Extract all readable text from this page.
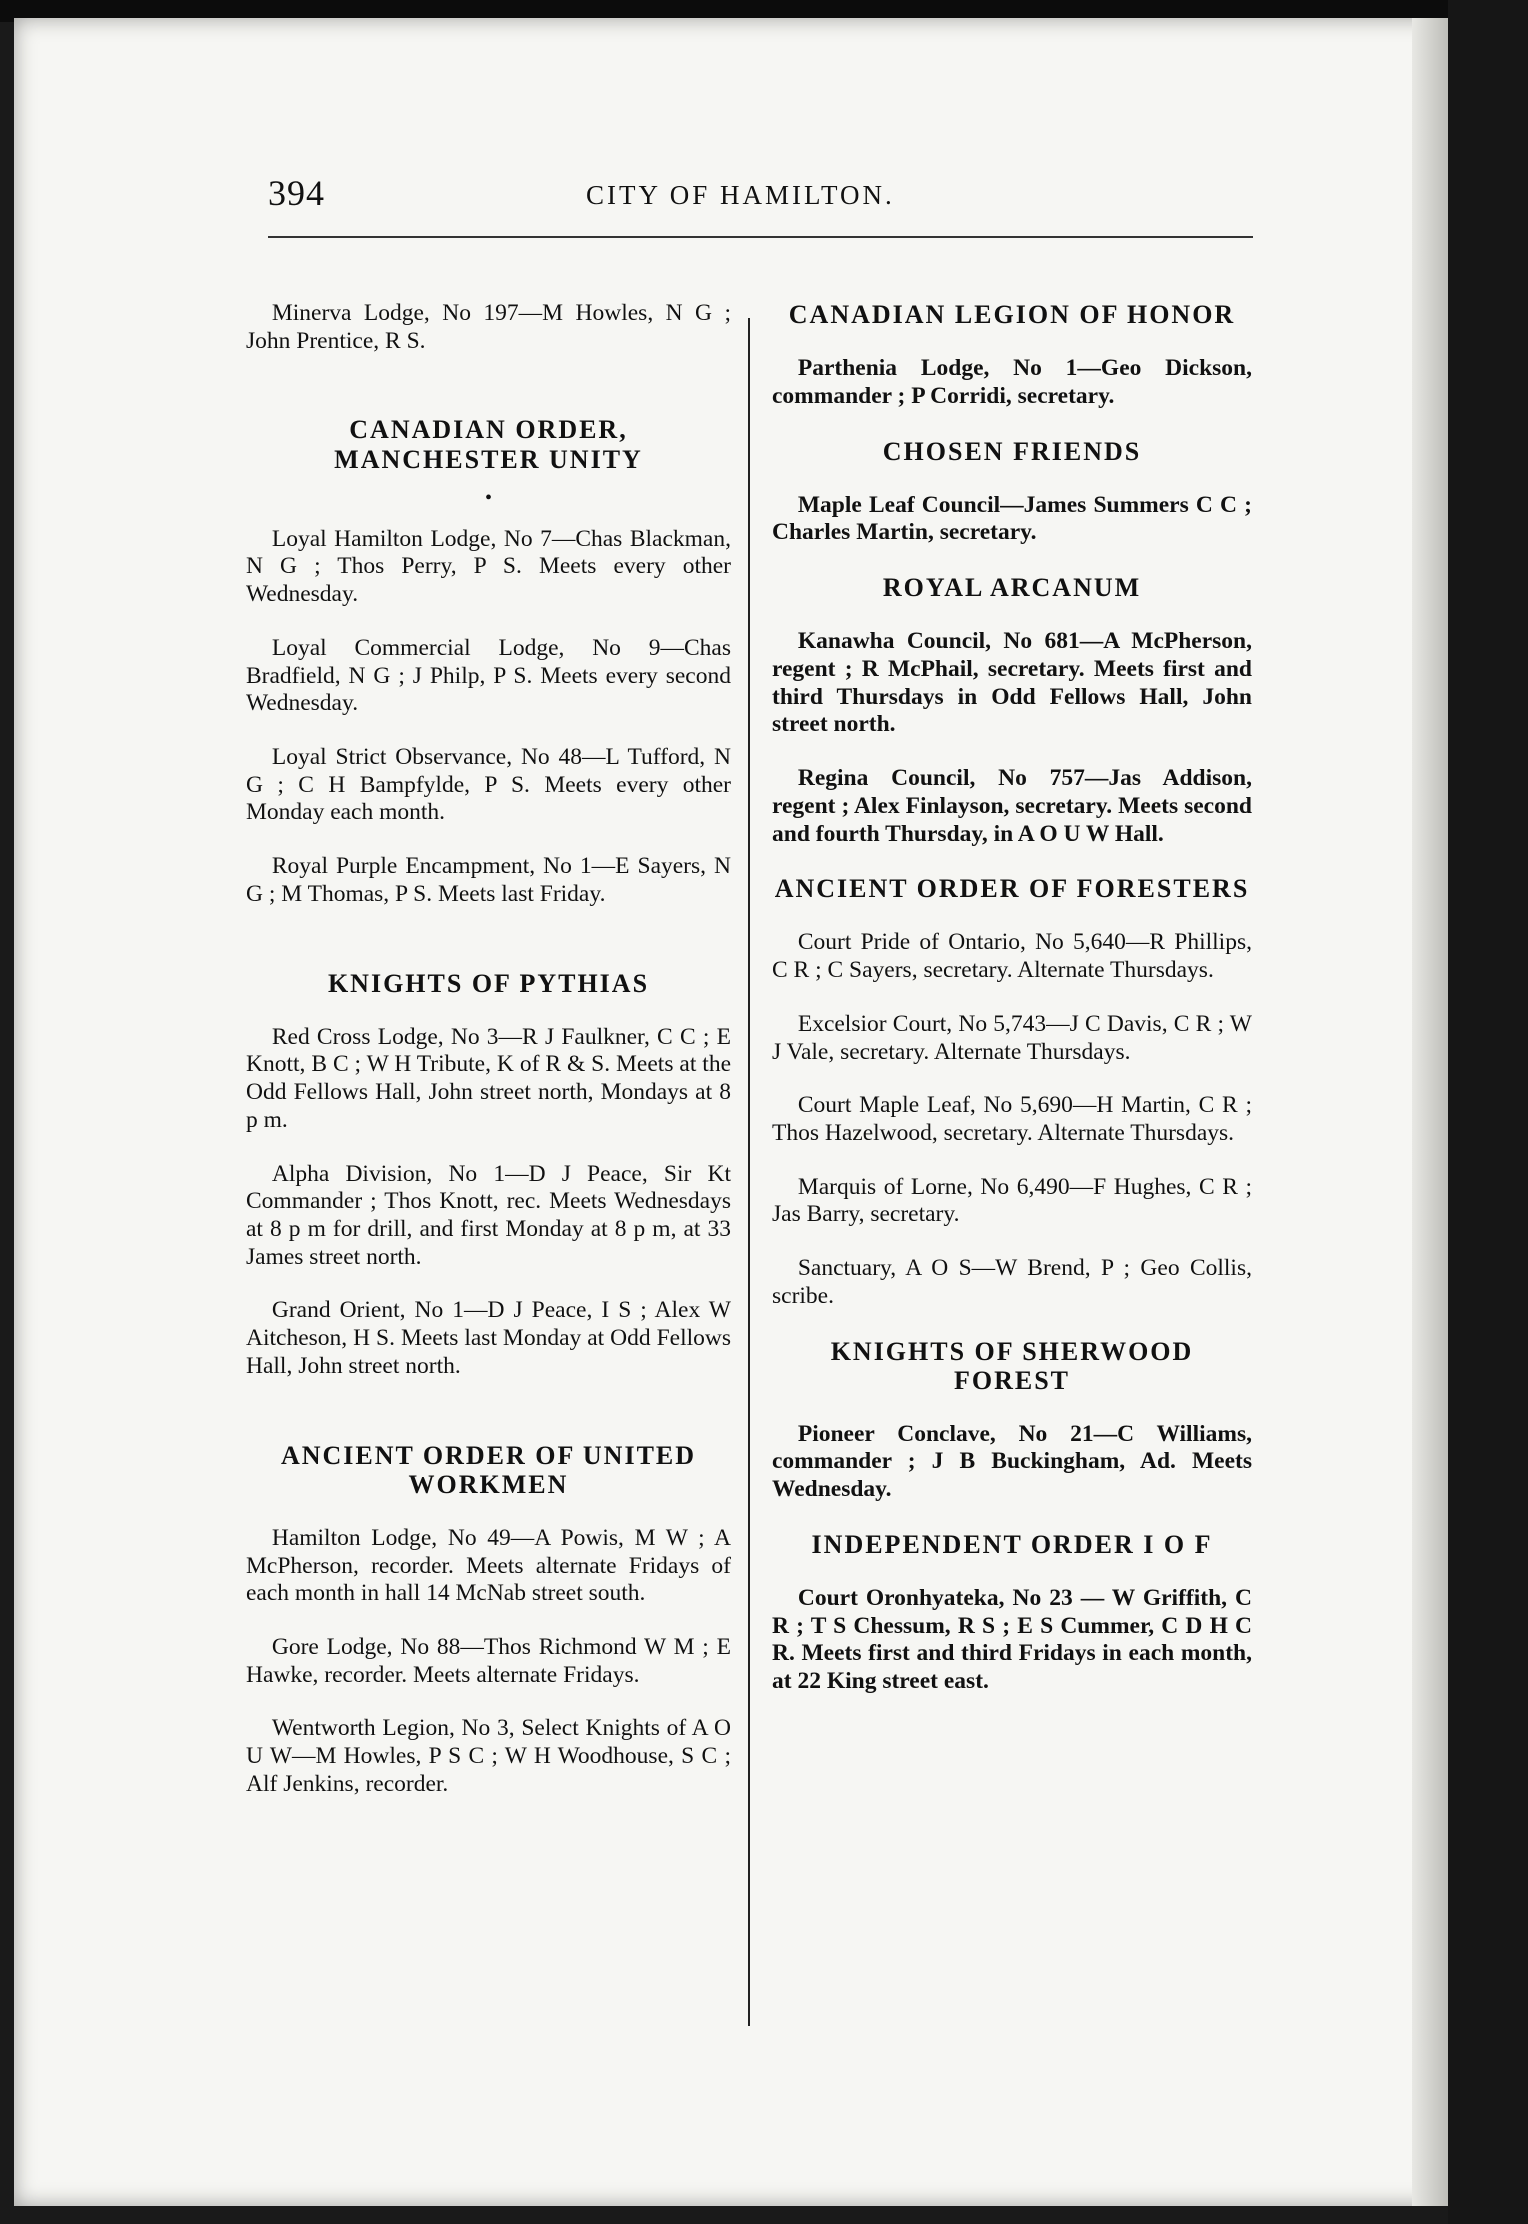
394	CITY OF HAMILTON.

Minerva Lodge, No 197—M Howles, N G ; John Prentice, R S.

CANADIAN ORDER, MANCHESTER UNITY
•

Loyal Hamilton Lodge, No 7—Chas Blackman, N G ; Thos Perry, P S. Meets every other Wednesday.

Loyal Commercial Lodge, No 9—Chas Bradfield, N G ; J Philp, P S. Meets every second Wednesday.

Loyal Strict Observance, No 48—L Tufford, N G ; C H Bampfylde, P S. Meets every other Monday each month.

Royal Purple Encampment, No 1—E Sayers, N G ; M Thomas, P S. Meets last Friday.

KNIGHTS OF PYTHIAS

Red Cross Lodge, No 3—R J Faulkner, C C ; E Knott, B C ; W H Tribute, K of R & S. Meets at the Odd Fellows Hall, John street north, Mondays at 8 p m.

Alpha Division, No 1—D J Peace, Sir Kt Commander ; Thos Knott, rec. Meets Wednesdays at 8 p m for drill, and first Monday at 8 p m, at 33 James street north.

Grand Orient, No 1—D J Peace, I S ; Alex W Aitcheson, H S. Meets last Monday at Odd Fellows Hall, John street north.

ANCIENT ORDER OF UNITED WORKMEN

Hamilton Lodge, No 49—A Powis, M W ; A McPherson, recorder. Meets alternate Fridays of each month in hall 14 McNab street south.

Gore Lodge, No 88—Thos Richmond W M ; E Hawke, recorder. Meets alternate Fridays.

Wentworth Legion, No 3, Select Knights of A O U W—M Howles, P S C ; W H Woodhouse, S C ; Alf Jenkins, recorder.

CANADIAN LEGION OF HONOR

Parthenia Lodge, No 1—Geo Dickson, commander ; P Corridi, secretary.

CHOSEN FRIENDS

Maple Leaf Council—James Summers C C ; Charles Martin, secretary.

ROYAL ARCANUM

Kanawha Council, No 681—A McPherson, regent ; R McPhail, secretary. Meets first and third Thursdays in Odd Fellows Hall, John street north.

Regina Council, No 757—Jas Addison, regent ; Alex Finlayson, secretary. Meets second and fourth Thursday, in A O U W Hall.

ANCIENT ORDER OF FORESTERS

Court Pride of Ontario, No 5,640—R Phillips, C R ; C Sayers, secretary. Alternate Thursdays.

Excelsior Court, No 5,743—J C Davis, C R ; W J Vale, secretary. Alternate Thursdays.

Court Maple Leaf, No 5,690—H Martin, C R ; Thos Hazelwood, secretary. Alternate Thursdays.

Marquis of Lorne, No 6,490—F Hughes, C R ; Jas Barry, secretary.

Sanctuary, A O S—W Brend, P ; Geo Collis, scribe.

KNIGHTS OF SHERWOOD FOREST

Pioneer Conclave, No 21—C Williams, commander ; J B Buckingham, Ad. Meets Wednesday.

INDEPENDENT ORDER I O F

Court Oronhyateka, No 23 — W Griffith, C R ; T S Chessum, R S ; E S Cummer, C D H C R. Meets first and third Fridays in each month, at 22 King street east.
